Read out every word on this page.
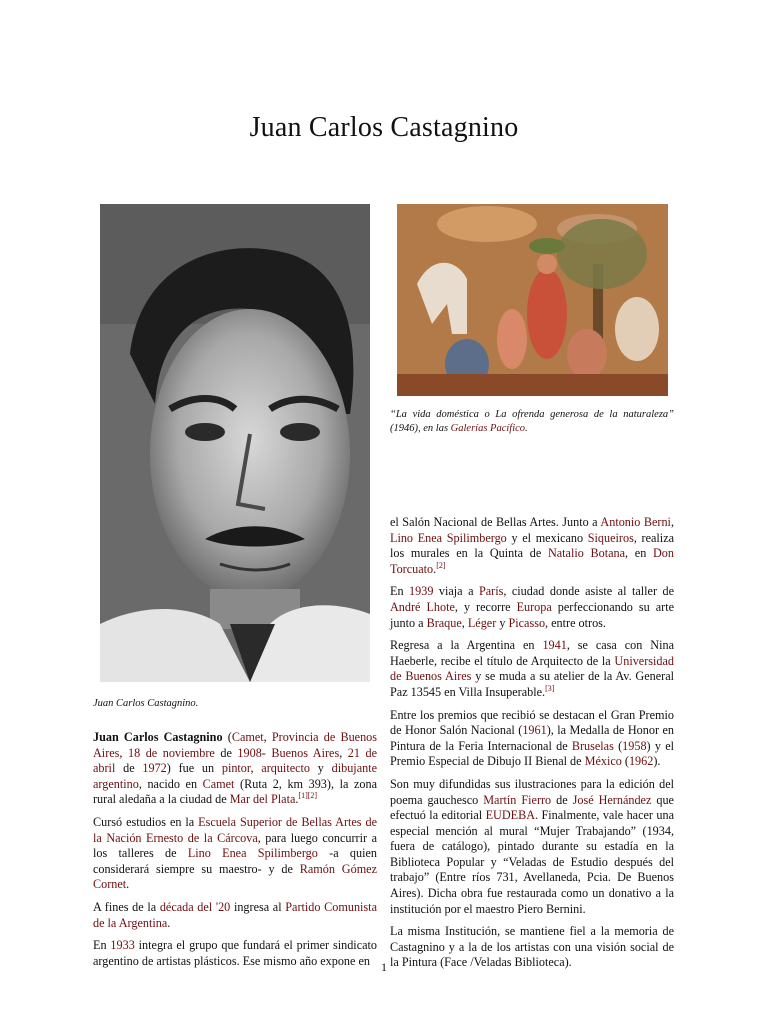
Juan Carlos Castagnino
Juan Carlos Castagnino.

“La vida doméstica o La ofrenda generosa de la naturaleza” (1946), en las Galerías Pacífico.

Juan Carlos Castagnino (Camet, Provincia de Buenos Aires, 18 de noviembre de 1908- Buenos Aires, 21 de abril de 1972) fue un pintor, arquitecto y dibujante argentino, nacido en Camet (Ruta 2, km 393), la zona rural aledaña a la ciudad de Mar del Plata.[1][2]

Cursó estudios en la Escuela Superior de Bellas Artes de la Nación Ernesto de la Cárcova, para luego concurrir a los talleres de Lino Enea Spilimbergo -a quien considerará siempre su maestro- y de Ramón Gómez Cornet.

A fines de la década del '20 ingresa al Partido Comunista de la Argentina.

En 1933 integra el grupo que fundará el primer sindicato argentino de artistas plásticos. Ese mismo año expone en

el Salón Nacional de Bellas Artes. Junto a Antonio Berni, Lino Enea Spilimbergo y el mexicano Siqueiros, realiza los murales en la Quinta de Natalio Botana, en Don Torcuato.[2]

En 1939 viaja a París, ciudad donde asiste al taller de André Lhote, y recorre Europa perfeccionando su arte junto a Braque, Léger y Picasso, entre otros.

Regresa a la Argentina en 1941, se casa con Nina Haeberle, recibe el título de Arquitecto de la Universidad de Buenos Aires y se muda a su atelier de la Av. General Paz 13545 en Villa Insuperable.[3]

Entre los premios que recibió se destacan el Gran Premio de Honor Salón Nacional (1961), la Medalla de Honor en Pintura de la Feria Internacional de Bruselas (1958) y el Premio Especial de Dibujo II Bienal de México (1962).

Son muy difundidas sus ilustraciones para la edición del poema gauchesco Martín Fierro de José Hernández que efectuó la editorial EUDEBA. Finalmente, vale hacer una especial mención al mural “Mujer Trabajando” (1934, fuera de catálogo), pintado durante su estadía en la Biblioteca Popular y “Veladas de Estudio después del trabajo” (Entre ríos 731, Avellaneda, Pcia. De Buenos Aires). Dicha obra fue restaurada como un donativo a la institución por el maestro Piero Bernini.

La misma Institución, se mantiene fiel a la memoria de Castagnino y a la de los artistas con una visión social de la Pintura (Face /Veladas Biblioteca).

1
